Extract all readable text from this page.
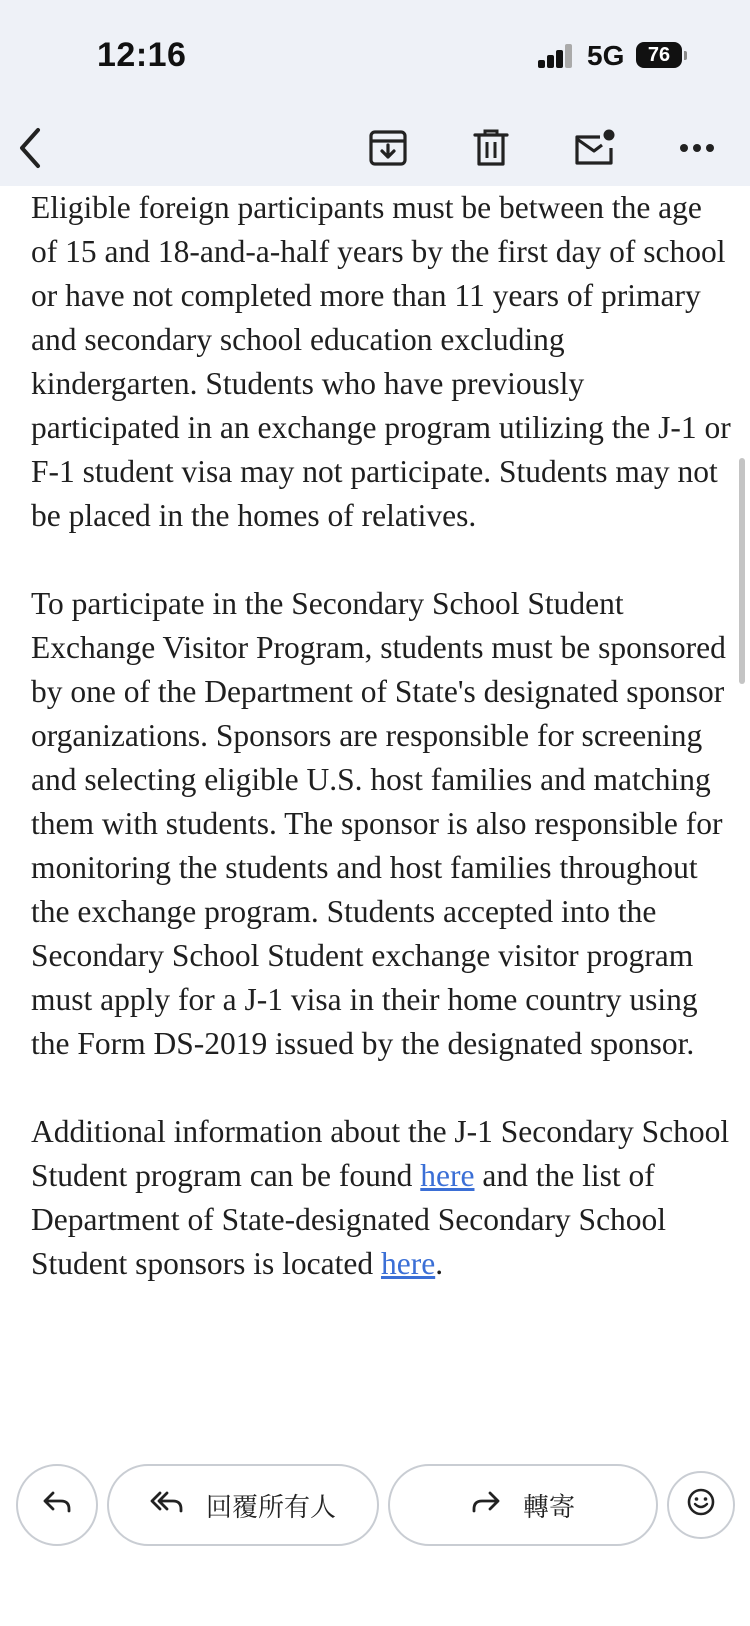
12:16	5G	76

Eligible foreign participants must be between the age of 15 and 18-and-a-half years by the first day of school or have not completed more than 11 years of primary and secondary school education excluding kindergarten. Students who have previously participated in an exchange program utilizing the J-1 or F-1 student visa may not participate. Students may not be placed in the homes of relatives.

To participate in the Secondary School Student Exchange Visitor Program, students must be sponsored by one of the Department of State's designated sponsor organizations. Sponsors are responsible for screening and selecting eligible U.S. host families and matching them with students. The sponsor is also responsible for monitoring the students and host families throughout the exchange program. Students accepted into the Secondary School Student exchange visitor program must apply for a J-1 visa in their home country using the Form DS-2019 issued by the designated sponsor.

Additional information about the J-1 Secondary School Student program can be found here and the list of Department of State-designated Secondary School Student sponsors is located here.

回覆所有人	轉寄
